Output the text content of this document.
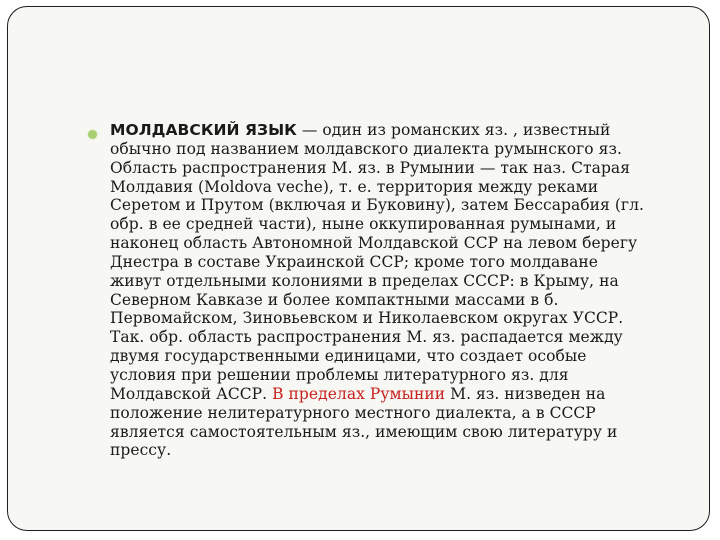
МОЛДАВСКИЙ ЯЗЫК — один из романских яз. , известный
обычно под названием молдавского диалекта румынского яз.
Область распространения М. яз. в Румынии — так наз. Старая
Молдавия (Moldova veche), т. е. территория между реками
Серетом и Прутом (включая и Буковину), затем Бессарабия (гл.
обр. в ее средней части), ныне оккупированная румынами, и
наконец область Автономной Молдавской ССР на левом берегу
Днестра в составе Украинской ССР; кроме того молдаване
живут отдельными колониями в пределах СССР: в Крыму, на
Северном Кавказе и более компактными массами в б.
Первомайском, Зиновьевском и Николаевском округах УССР.
Так. обр. область распространения М. яз. распадается между
двумя государственными единицами, что создает особые
условия при решении проблемы литературного яз. для
Молдавской АССР. В пределах Румынии М. яз. низведен на
положение нелитературного местного диалекта, а в СССР
является самостоятельным яз., имеющим свою литературу и
прессу.
